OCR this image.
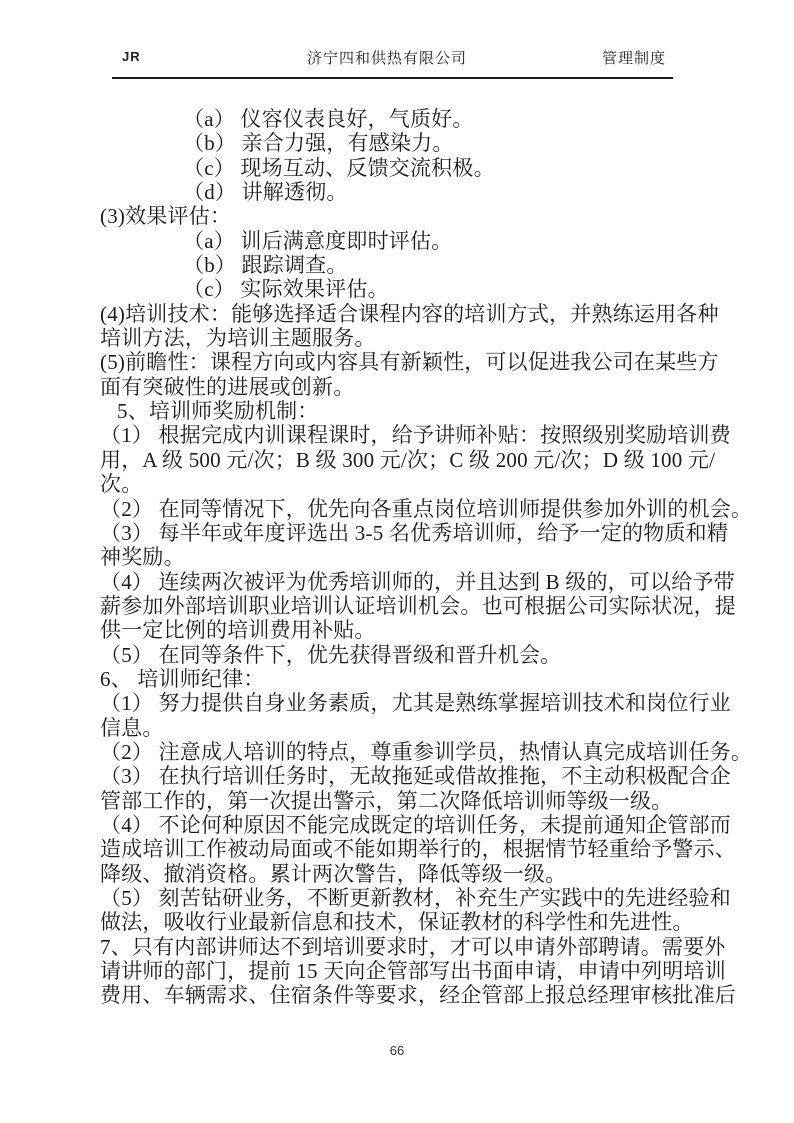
JR	济宁四和供热有限公司	管理制度
（a） 仪容仪表良好，气质好。
（b） 亲合力强，有感染力。
（c） 现场互动、反馈交流积极。
（d） 讲解透彻。
(3)效果评估：
（a） 训后满意度即时评估。
（b） 跟踪调查。
（c） 实际效果评估。
(4)培训技术：能够选择适合课程内容的培训方式，并熟练运用各种
培训方法，为培训主题服务。
(5)前瞻性：课程方向或内容具有新颖性，可以促进我公司在某些方
面有突破性的进展或创新。
5、培训师奖励机制：
（1） 根据完成内训课程课时，给予讲师补贴：按照级别奖励培训费
用，A 级 500 元/次；B 级 300 元/次；C 级 200 元/次；D 级 100 元/
次。
（2） 在同等情况下，优先向各重点岗位培训师提供参加外训的机会。
（3） 每半年或年度评选出 3-5 名优秀培训师，给予一定的物质和精
神奖励。
（4） 连续两次被评为优秀培训师的，并且达到 B 级的，可以给予带
薪参加外部培训职业培训认证培训机会。也可根据公司实际状况，提
供一定比例的培训费用补贴。
（5） 在同等条件下，优先获得晋级和晋升机会。
6、 培训师纪律：
（1） 努力提供自身业务素质，尤其是熟练掌握培训技术和岗位行业
信息。
（2） 注意成人培训的特点，尊重参训学员，热情认真完成培训任务。
（3） 在执行培训任务时，无故拖延或借故推拖，不主动积极配合企
管部工作的，第一次提出警示，第二次降低培训师等级一级。
（4） 不论何种原因不能完成既定的培训任务，未提前通知企管部而
造成培训工作被动局面或不能如期举行的，根据情节轻重给予警示、
降级、撤消资格。累计两次警告，降低等级一级。
（5） 刻苦钻研业务，不断更新教材，补充生产实践中的先进经验和
做法，吸收行业最新信息和技术，保证教材的科学性和先进性。
7、只有内部讲师达不到培训要求时，才可以申请外部聘请。需要外
请讲师的部门，提前 15 天向企管部写出书面申请，申请中列明培训
费用、车辆需求、住宿条件等要求，经企管部上报总经理审核批准后
66
